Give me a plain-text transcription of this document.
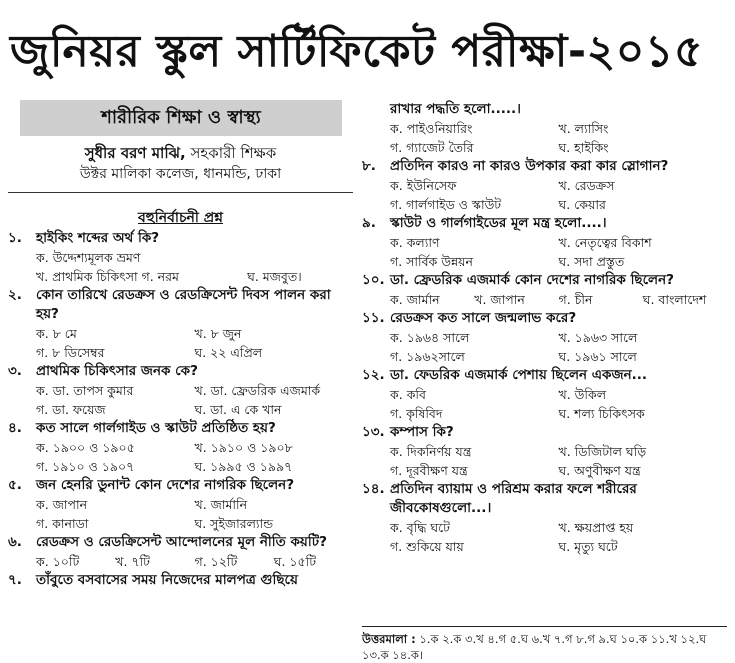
জুনিয়র স্কুল সার্টিফিকেট পরীক্ষা-২০১৫
শারীরিক শিক্ষা ও স্বাস্থ্য
সুধীর বরণ মাঝি, সহকারী শিক্ষক
উক্টর মালিকা কলেজ, ধানমন্ডি, ঢাকা
বহুনির্বাচনী প্রশ্ন
১.	হাইকিং শব্দের অর্থ কি?
ক. উদ্দেশ্যমূলক ভ্রমণ
খ. প্রাথমিক চিকিৎসা গ. নরম	ঘ. মজবুত।
২.	কোন তারিখে রেডক্রস ও রেডক্রিসেন্ট দিবস পালন করা হয়?
ক. ৮ মে	খ. ৮ জুন
গ. ৮ ডিসেম্বর	ঘ. ২২ এপ্রিল
৩.	প্রাথমিক চিকিৎসার জনক কে?
ক. ডা. তাপস কুমার	খ. ডা. ফ্রেডরিক এজমার্ক
গ. ডা. ফয়েজ	ঘ. ডা. এ কে খান
৪.	কত সালে গার্লগাইড ও স্কাউট প্রতিষ্ঠিত হয়?
ক. ১৯০০ ও ১৯০৫	খ. ১৯১০ ও ১৯০৮
গ. ১৯১০ ও ১৯০৭	ঘ. ১৯৯৫ ও ১৯৯৭
৫.	জন হেনরি ডুনান্ট কোন দেশের নাগরিক ছিলেন?
ক. জাপান	খ. জার্মানি
গ. কানাডা	ঘ. সুইজারল্যান্ড
৬.	রেডক্রস ও রেডক্রিসেন্ট আন্দোলনের মূল নীতি কয়টি?
ক. ১০টি	খ. ৭টি	গ. ১২টি	ঘ. ১৫টি
৭.	তাঁবুতে বসবাসের সময় নিজেদের মালপত্র গুছিয়ে
রাখার পদ্ধতি হলো.....।
ক. পাইওনিয়ারিং	খ. ল্যাসিং
গ. গ্যাজেট তৈরি	ঘ. হাইকিং
৮.	প্রতিদিন কারও না কারও উপকার করা কার স্লোগান?
ক. ইউনিসেফ	খ. রেডক্রস
গ. গার্লগাইড ও স্কাউট	ঘ. কেয়ার
৯.	স্কাউট ও গার্লগাইডের মূল মন্ত্র হলো....।
ক. কল্যাণ	খ. নেতৃত্বের বিকাশ
গ. সার্বিক উন্নয়ন	ঘ. সদা প্রস্তুত
১০. ডা. ফ্রেডরিক এজমার্ক কোন দেশের নাগরিক ছিলেন?
ক. জার্মান	খ. জাপান	গ. চীন	ঘ. বাংলাদেশ
১১. রেডক্রস কত সালে জন্মলাভ করে?
ক. ১৯৬৪ সালে	খ. ১৯৬৩ সালে
গ. ১৯৬২সালে	ঘ. ১৯৬১ সালে
১২. ডা. ফেডরিক এজমার্ক পেশায় ছিলেন একজন...
ক. কবি	খ. উকিল
গ. কৃষিবিদ	ঘ. শল্য চিকিৎসক
১৩. কম্পাস কি?
ক. দিকনির্ণয় যন্ত্র	খ. ডিজিটাল ঘড়ি
গ. দূরবীক্ষণ যন্ত্র	ঘ. অণুবীক্ষণ যন্ত্র
১৪. প্রতিদিন ব্যায়াম ও পরিশ্রম করার ফলে শরীরের জীবকোষগুলো...।
ক. বৃদ্ধি ঘটে	খ. ক্ষয়প্রাপ্ত হয়
গ. শুকিয়ে যায়	ঘ. মৃত্যু ঘটে
উত্তরমালা : ১.ক ২.ক ৩.খ ৪.গ ৫.ঘ ৬.খ ৭.গ ৮.গ ৯.ঘ ১০.ক ১১.খ ১২.ঘ ১৩.ক ১৪.ক।
